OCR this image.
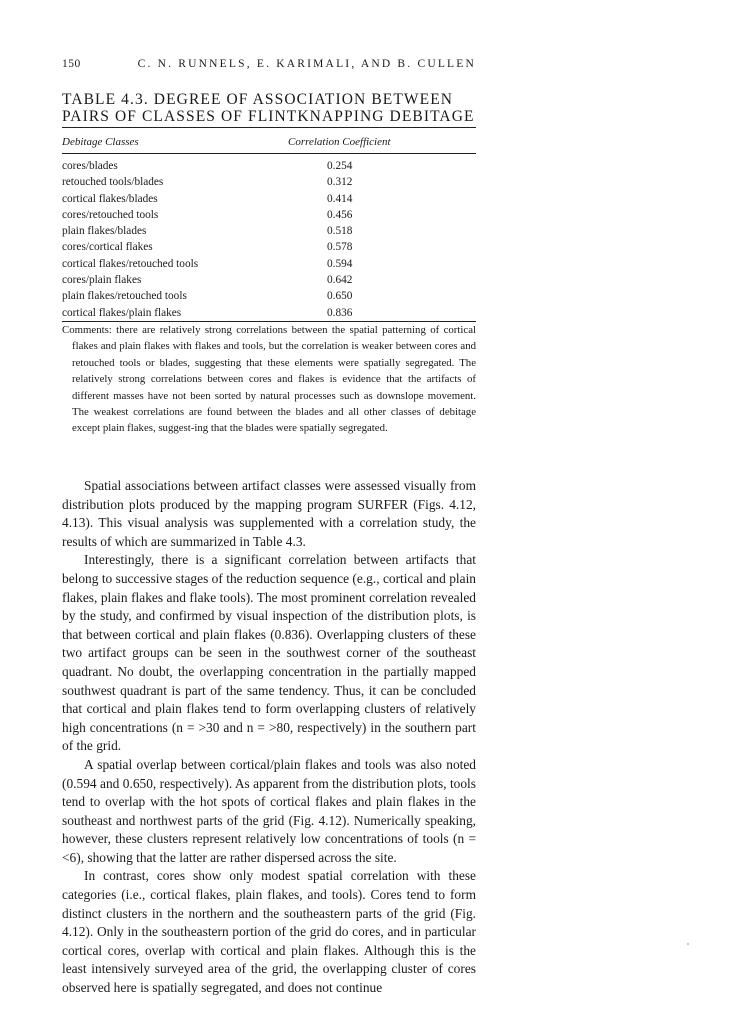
150	C. N. RUNNELS, E. KARIMALI, AND B. CULLEN
TABLE 4.3. DEGREE OF ASSOCIATION BETWEEN
PAIRS OF CLASSES OF FLINTKNAPPING DEBITAGE
Debitage Classes	Correlation Coefficient
cores/blades	0.254
retouched tools/blades	0.312
cortical flakes/blades	0.414
cores/retouched tools	0.456
plain flakes/blades	0.518
cores/cortical flakes	0.578
cortical flakes/retouched tools	0.594
cores/plain flakes	0.642
plain flakes/retouched tools	0.650
cortical flakes/plain flakes	0.836
Comments: there are relatively strong correlations between the spatial patterning of cortical flakes and plain flakes with flakes and tools, but the correlation is weaker between cores and retouched tools or blades, suggesting that these elements were spatially segregated. The relatively strong correlations between cores and flakes is evidence that the artifacts of different masses have not been sorted by natural processes such as downslope movement. The weakest correlations are found between the blades and all other classes of debitage except plain flakes, suggest-ing that the blades were spatially segregated.

Spatial associations between artifact classes were assessed visually from distribution plots produced by the mapping program SURFER (Figs. 4.12, 4.13). This visual analysis was supplemented with a correlation study, the results of which are summarized in Table 4.3.

Interestingly, there is a significant correlation between artifacts that belong to successive stages of the reduction sequence (e.g., cortical and plain flakes, plain flakes and flake tools). The most prominent correlation revealed by the study, and confirmed by visual inspection of the distribution plots, is that between cortical and plain flakes (0.836). Overlapping clusters of these two artifact groups can be seen in the southwest corner of the southeast quadrant. No doubt, the overlapping concentration in the partially mapped southwest quadrant is part of the same tendency. Thus, it can be concluded that cortical and plain flakes tend to form overlapping clusters of relatively high concentrations (n = >30 and n = >80, respectively) in the southern part of the grid.

A spatial overlap between cortical/plain flakes and tools was also noted (0.594 and 0.650, respectively). As apparent from the distribution plots, tools tend to overlap with the hot spots of cortical flakes and plain flakes in the southeast and northwest parts of the grid (Fig. 4.12). Numerically speaking, however, these clusters represent relatively low concentrations of tools (n = <6), showing that the latter are rather dispersed across the site.

In contrast, cores show only modest spatial correlation with these categories (i.e., cortical flakes, plain flakes, and tools). Cores tend to form distinct clusters in the northern and the southeastern parts of the grid (Fig. 4.12). Only in the southeastern portion of the grid do cores, and in particular cortical cores, overlap with cortical and plain flakes. Although this is the least intensively surveyed area of the grid, the overlapping cluster of cores observed here is spatially segregated, and does not continue
